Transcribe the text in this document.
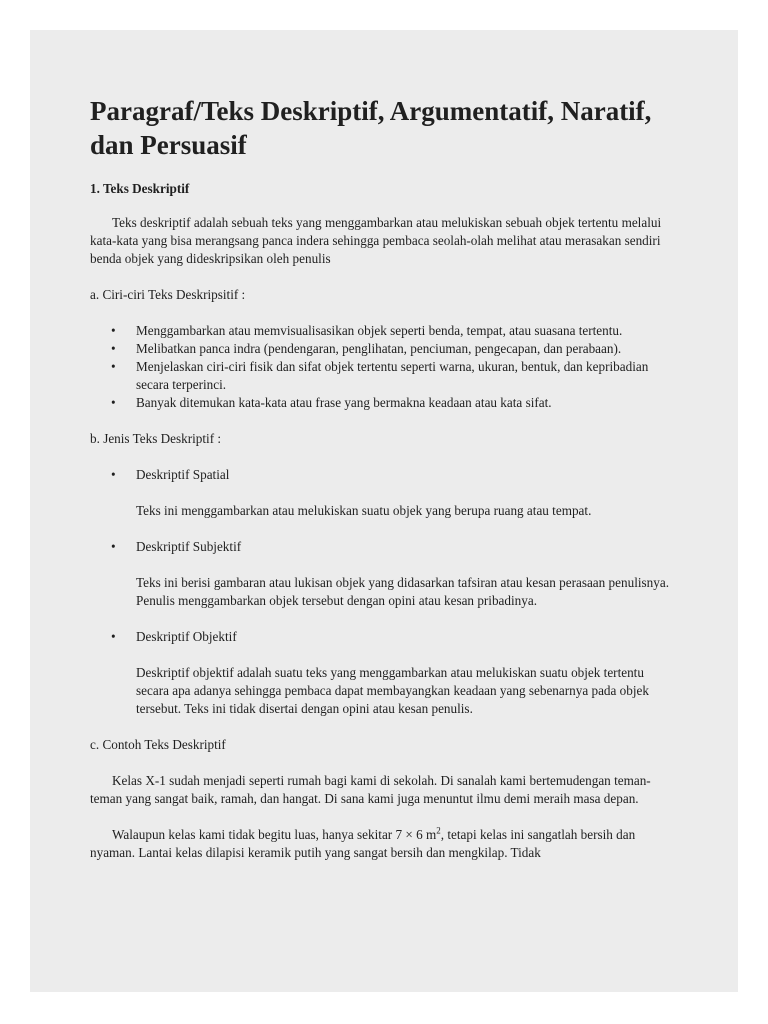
Paragraf/Teks Deskriptif, Argumentatif, Naratif, dan Persuasif
1. Teks Deskriptif

Teks deskriptif adalah sebuah teks yang menggambarkan atau melukiskan sebuah objek tertentu melalui kata-kata yang bisa merangsang panca indera sehingga pembaca seolah-olah melihat atau merasakan sendiri benda objek yang dideskripsikan oleh penulis

a. Ciri-ciri Teks Deskripsitif :

• Menggambarkan atau memvisualisasikan objek seperti benda, tempat, atau suasana tertentu.
• Melibatkan panca indra (pendengaran, penglihatan, penciuman, pengecapan, dan perabaan).
• Menjelaskan ciri-ciri fisik dan sifat objek tertentu seperti warna, ukuran, bentuk, dan kepribadian secara terperinci.
• Banyak ditemukan kata-kata atau frase yang bermakna keadaan atau kata sifat.

b. Jenis Teks Deskriptif :

• Deskriptif Spatial

Teks ini menggambarkan atau melukiskan suatu objek yang berupa ruang atau tempat.

• Deskriptif Subjektif

Teks ini berisi gambaran atau lukisan objek yang didasarkan tafsiran atau kesan perasaan penulisnya. Penulis menggambarkan objek tersebut dengan opini atau kesan pribadinya.

• Deskriptif Objektif

Deskriptif objektif adalah suatu teks yang menggambarkan atau melukiskan suatu objek tertentu secara apa adanya sehingga pembaca dapat membayangkan keadaan yang sebenarnya pada objek tersebut. Teks ini tidak disertai dengan opini atau kesan penulis.

c. Contoh Teks Deskriptif

Kelas X-1 sudah menjadi seperti rumah bagi kami di sekolah. Di sanalah kami bertemudengan teman-teman yang sangat baik, ramah, dan hangat. Di sana kami juga menuntut ilmu demi meraih masa depan.

Walaupun kelas kami tidak begitu luas, hanya sekitar 7 × 6 $m^2$, tetapi kelas ini sangatlah bersih dan nyaman. Lantai kelas dilapisi keramik putih yang sangat bersih dan mengkilap. Tidak
